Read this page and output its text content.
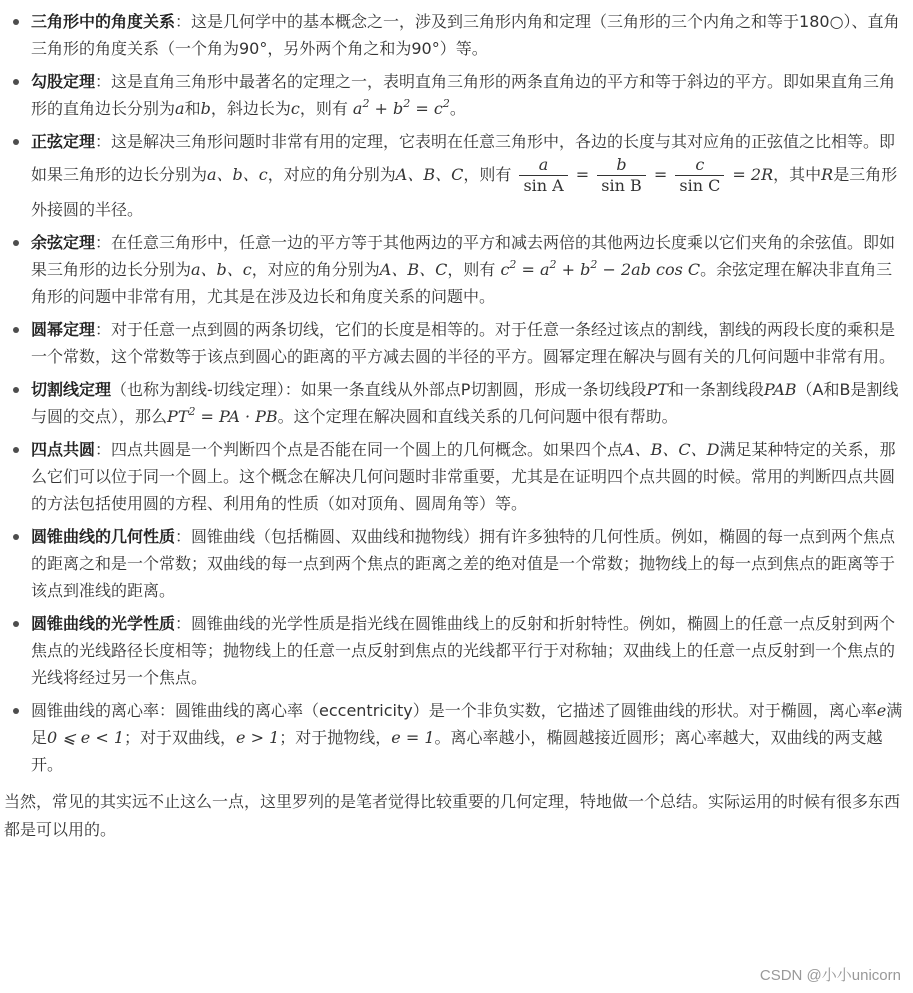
三角形中的角度关系：这是几何学中的基本概念之一，涉及到三角形内角和定理（三角形的三个内角之和等于180○）、直角三角形的角度关系（一个角为90°，另外两个角之和为90°）等。
勾股定理：这是直角三角形中最著名的定理之一，表明直角三角形的两条直角边的平方和等于斜边的平方。即如果直角三角形的直角边长分别为a和b，斜边长为c，则有 $a^2 + b^2 = c^2$。
正弦定理：这是解决三角形问题时非常有用的定理，它表明在任意三角形中，各边的长度与其对应角的正弦值之比相等。即如果三角形的边长分别为a、b、c，对应的角分别为A、B、C，则有 $\frac{a}{\text{sin A}} = \frac{b}{\text{sin B}} = \frac{c}{\text{sin C}} = 2R$，其中R是三角形外接圆的半径。
余弦定理：在任意三角形中，任意一边的平方等于其他两边的平方和减去两倍的其他两边长度乘以它们夹角的余弦值。即如果三角形的边长分别为a、b、c，对应的角分别为A、B、C，则有 $c^2 = a^2 + b^2 - 2ab$ cos C。余弦定理在解决非直角三角形的问题中非常有用，尤其是在涉及边长和角度关系的问题中。
圆幂定理：对于任意一点到圆的两条切线，它们的长度是相等的。对于任意一条经过该点的割线，割线的两段长度的乘积是一个常数，这个常数等于该点到圆心的距离的平方减去圆的半径的平方。圆幂定理在解决与圆有关的几何问题中非常有用。
切割线定理（也称为割线-切线定理）：如果一条直线从外部点P切割圆，形成一条切线段PT和一条割线段PAB（A和B是割线与圆的交点），那么$PT^2$ = PA · PB。这个定理在解决圆和直线关系的几何问题中很有帮助。
四点共圆：四点共圆是一个判断四个点是否能在同一个圆上的几何概念。如果四个点A、B、C、D满足某种特定的关系，那么它们可以位于同一个圆上。这个概念在解决几何问题时非常重要，尤其是在证明四个点共圆的时候。常用的判断四点共圆的方法包括使用圆的方程、利用角的性质（如对顶角、圆周角等）等。
圆锥曲线的几何性质：圆锥曲线（包括椭圆、双曲线和抛物线）拥有许多独特的几何性质。例如，椭圆的每一点到两个焦点的距离之和是一个常数；双曲线的每一点到两个焦点的距离之差的绝对值是一个常数；抛物线上的每一点到焦点的距离等于该点到准线的距离。
圆锥曲线的光学性质：圆锥曲线的光学性质是指光线在圆锥曲线上的反射和折射特性。例如，椭圆上的任意一点反射到两个焦点的光线路径长度相等；抛物线上的任意一点反射到焦点的光线都平行于对称轴；双曲线上的任意一点反射到一个焦点的光线将经过另一个焦点。
圆锥曲线的离心率：圆锥曲线的离心率（eccentricity）是一个非负实数，它描述了圆锥曲线的形状。对于椭圆，离心率e满足0 ⩽ e < 1；对于双曲线，e > 1；对于抛物线，e = 1。离心率越小，椭圆越接近圆形；离心率越大，双曲线的两支越开。

当然，常见的其实远不止这么一点，这里罗列的是笔者觉得比较重要的几何定理，特地做一个总结。实际运用的时候有很多东西都是可以用的。

CSDN @小小unicorn
